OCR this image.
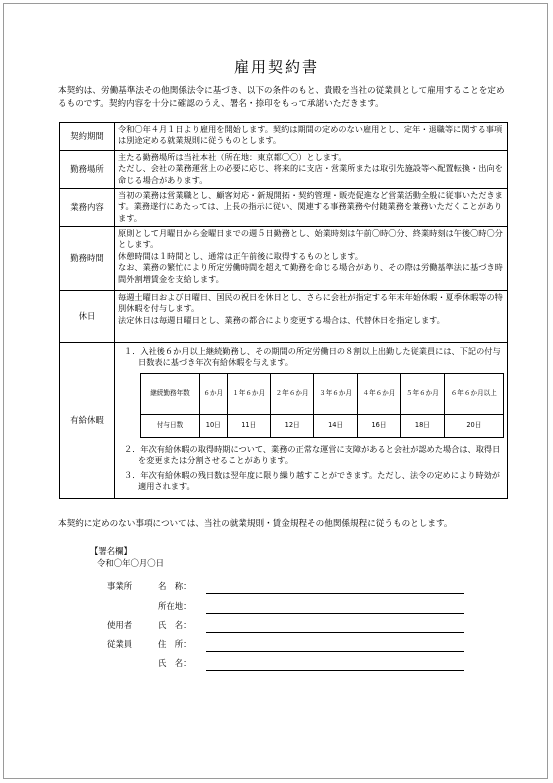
雇用契約書
本契約は、労働基準法その他関係法令に基づき、以下の条件のもと、貴殿を当社の従業員として雇用することを定めるものです。契約内容を十分に確認のうえ、署名・捺印をもって承諾いただきます。
契約期間	令和〇年４月１日より雇用を開始します。契約は期間の定めのない雇用とし、定年・退職等に関する事項は別途定める就業規則に従うものとします。
勤務場所	主たる勤務場所は当社本社（所在地：東京都〇〇）とします。
ただし、会社の業務運営上の必要に応じ、将来的に支店・営業所または取引先施設等へ配置転換・出向を命じる場合があります。
業務内容	当初の業務は営業職とし、顧客対応・新規開拓・契約管理・販売促進など営業活動全般に従事いただきます。業務遂行にあたっては、上長の指示に従い、関連する事務業務や付随業務を兼務いただくことがあります。
勤務時間	原則として月曜日から金曜日までの週５日勤務とし、始業時刻は午前〇時〇分、終業時刻は午後〇時〇分とします。
休憩時間は１時間とし、通常は正午前後に取得するものとします。
なお、業務の繁忙により所定労働時間を超えて勤務を命じる場合があり、その際は労働基準法に基づき時間外割増賃金を支給します。
休日	毎週土曜日および日曜日、国民の祝日を休日とし、さらに会社が指定する年末年始休暇・夏季休暇等の特別休暇を付与します。
法定休日は毎週日曜日とし、業務の都合により変更する場合は、代替休日を指定します。
有給休暇	
１．入社後６か月以上継続勤務し、その期間の所定労働日の８割以上出勤した従業員には、下記の付与日数表に基づき年次有給休暇を与えます。
継続勤務年数	６か月	１年６か月	２年６か月	３年６か月	４年６か月	５年６か月	６年６か月以上
付与日数	10日	11日	12日	14日	16日	18日	20日
２．年次有給休暇の取得時期について、業務の正常な運営に支障があると会社が認めた場合は、取得日を変更または分割させることがあります。
３．年次有給休暇の残日数は翌年度に限り繰り越すことができます。ただし、法令の定めにより時効が適用されます。
本契約に定めのない事項については、当社の就業規則・賃金規程その他関係規程に従うものとします。
【署名欄】
令和〇年〇月〇日
事業所	名　称：
所在地：
使用者	氏　名：
従業員	住　所：
氏　名：
